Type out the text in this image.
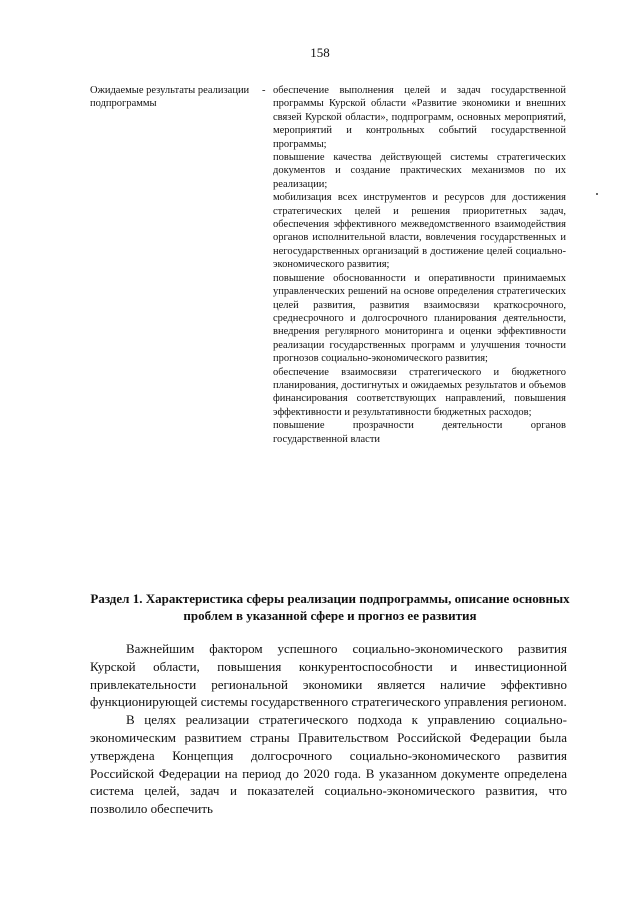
158
Ожидаемые результаты реализации подпрограммы
- обеспечение выполнения целей и задач государственной программы Курской области «Развитие экономики и внешних связей Курской области», подпрограмм, основных мероприятий, мероприятий и контрольных событий государственной программы;
повышение качества действующей системы стратегических документов и создание практических механизмов по их реализации;
мобилизация всех инструментов и ресурсов для достижения стратегических целей и решения приоритетных задач, обеспечения эффективного межведомственного взаимодействия органов исполнительной власти, вовлечения государственных и негосударственных организаций в достижение целей социально-экономического развития;
повышение обоснованности и оперативности принимаемых управленческих решений на основе определения стратегических целей развития, развития взаимосвязи краткосрочного, среднесрочного и долгосрочного планирования деятельности, внедрения регулярного мониторинга и оценки эффективности реализации государственных программ и улучшения точности прогнозов социально-экономического развития;
обеспечение взаимосвязи стратегического и бюджетного планирования, достигнутых и ожидаемых результатов и объемов финансирования соответствующих направлений, повышения эффективности и результативности бюджетных расходов;
повышение прозрачности деятельности органов государственной власти
Раздел 1. Характеристика сферы реализации подпрограммы, описание основных проблем в указанной сфере и прогноз ее развития

Важнейшим фактором успешного социально-экономического развития Курской области, повышения конкурентоспособности и инвестиционной привлекательности региональной экономики является наличие эффективно функционирующей системы государственного стратегического управления регионом.

В целях реализации стратегического подхода к управлению социально-экономическим развитием страны Правительством Российской Федерации была утверждена Концепция долгосрочного социально-экономического развития Российской Федерации на период до 2020 года. В указанном документе определена система целей, задач и показателей социально-экономического развития, что позволило обеспечить
